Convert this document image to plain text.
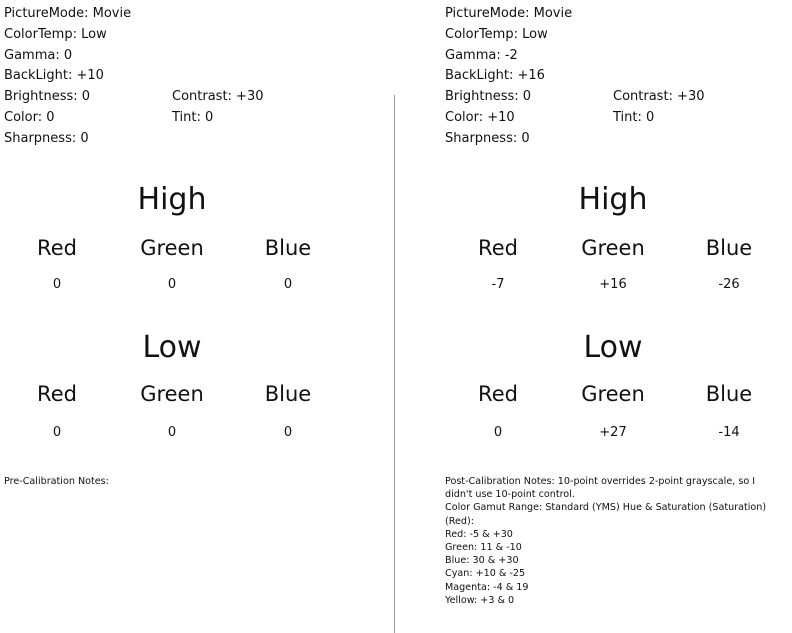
PictureMode: Movie
ColorTemp: Low
Gamma: 0
BackLight: +10
Brightness: 0	Contrast: +30
Color: 0	Tint: 0
Sharpness: 0
High
Red	Green	Blue
0	0	0
Low
Red	Green	Blue
0	0	0
Pre-Calibration Notes:
PictureMode: Movie
ColorTemp: Low
Gamma: -2
BackLight: +16
Brightness: 0	Contrast: +30
Color: +10	Tint: 0
Sharpness: 0
High
Red	Green	Blue
-7	+16	-26
Low
Red	Green	Blue
0	+27	-14
Post-Calibration Notes: 10-point overrides 2-point grayscale, so I
didn't use 10-point control.
Color Gamut Range: Standard (YMS) Hue & Saturation (Saturation)
(Red):
Red: -5 & +30
Green: 11 & -10
Blue: 30 & +30
Cyan: +10 & -25
Magenta: -4 & 19
Yellow: +3 & 0
